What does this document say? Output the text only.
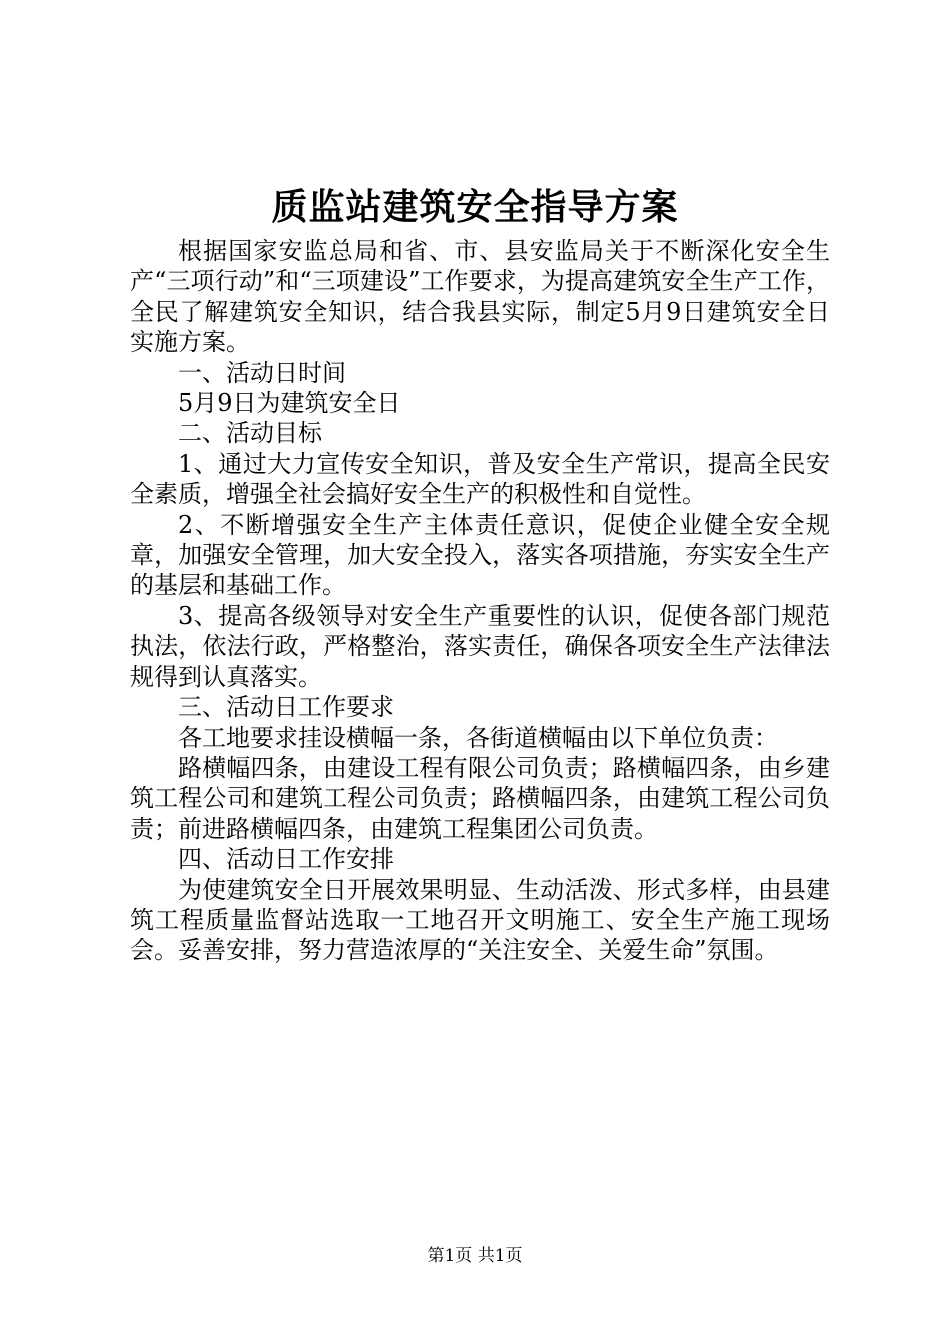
质监站建筑安全指导方案

根据国家安监总局和省、市、县安监局关于不断深化安全生产“三项行动”和“三项建设”工作要求，为提高建筑安全生产工作，全民了解建筑安全知识，结合我县实际，制定5月9日建筑安全日实施方案。

一、活动日时间

5月9日为建筑安全日

二、活动目标

1、通过大力宣传安全知识，普及安全生产常识，提高全民安全素质，增强全社会搞好安全生产的积极性和自觉性。

2、不断增强安全生产主体责任意识，促使企业健全安全规章，加强安全管理，加大安全投入，落实各项措施，夯实安全生产的基层和基础工作。

3、提高各级领导对安全生产重要性的认识，促使各部门规范执法，依法行政，严格整治，落实责任，确保各项安全生产法律法规得到认真落实。

三、活动日工作要求

各工地要求挂设横幅一条，各街道横幅由以下单位负责：

路横幅四条，由建设工程有限公司负责；路横幅四条，由乡建筑工程公司和建筑工程公司负责；路横幅四条，由建筑工程公司负责；前进路横幅四条，由建筑工程集团公司负责。

四、活动日工作安排

为使建筑安全日开展效果明显、生动活泼、形式多样，由县建筑工程质量监督站选取一工地召开文明施工、安全生产施工现场会。妥善安排，努力营造浓厚的“关注安全、关爱生命”氛围。

第1页 共1页
